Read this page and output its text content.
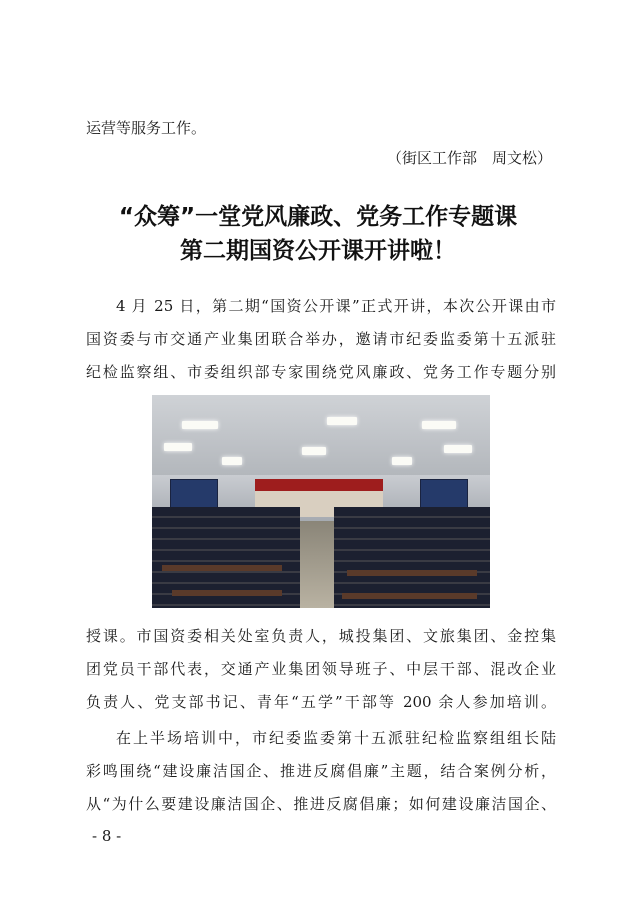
运营等服务工作。
（街区工作部　周文松）
“众筹”一堂党风廉政、党务工作专题课
第二期国资公开课开讲啦！
4 月 25 日，第二期“国资公开课”正式开讲，本次公开课由市
国资委与市交通产业集团联合举办，邀请市纪委监委第十五派驻
纪检监察组、市委组织部专家围绕党风廉政、党务工作专题分别
授课。市国资委相关处室负责人，城投集团、文旅集团、金控集
团党员干部代表，交通产业集团领导班子、中层干部、混改企业
负责人、党支部书记、青年“五学”干部等 200 余人参加培训。
在上半场培训中，市纪委监委第十五派驻纪检监察组组长陆
彩鸣围绕“建设廉洁国企、推进反腐倡廉”主题，结合案例分析，
从“为什么要建设廉洁国企、推进反腐倡廉；如何建设廉洁国企、
- 8 -
